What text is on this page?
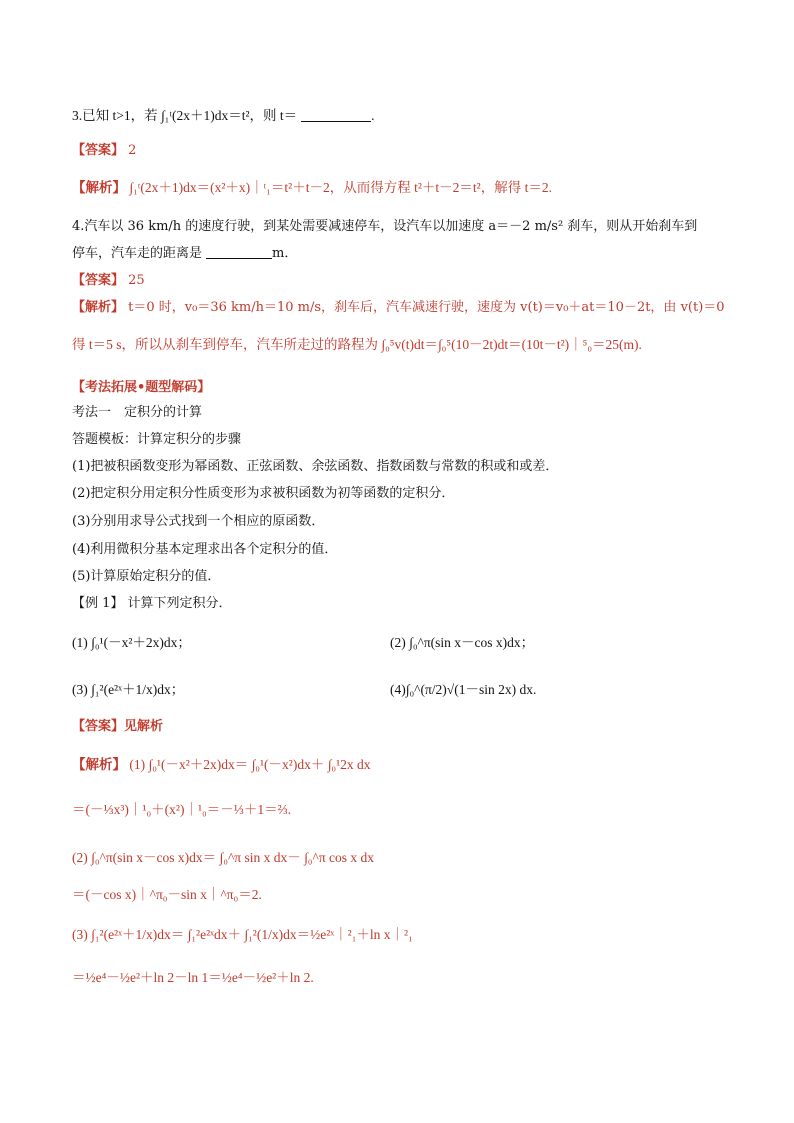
3.已知 t>1，若 ∫₁ᵗ(2x＋1)dx＝t²，则 t＝	.
【答案】 2
【解析】 ∫₁ᵗ(2x＋1)dx＝(x²＋x)｜ᵗ₁＝t²＋t－2，从而得方程 t²＋t－2＝t²，解得 t＝2.
4.汽车以 36 km/h 的速度行驶，到某处需要减速停车，设汽车以加速度 a＝－2 m/s² 刹车，则从开始刹车到
停车，汽车走的距离是	m．
【答案】 25
【解析】 t＝0 时，v₀＝36 km/h＝10 m/s，刹车后，汽车减速行驶，速度为 v(t)＝v₀＋at＝10－2t，由 v(t)＝0
得 t＝5 s，所以从刹车到停车，汽车所走过的路程为 ∫₀⁵v(t)dt＝∫₀⁵(10－2t)dt＝(10t－t²)｜⁵₀＝25(m).
【考法拓展•题型解码】
考法一　定积分的计算
答题模板：计算定积分的步骤
(1)把被积函数变形为幂函数、正弦函数、余弦函数、指数函数与常数的积或和或差．
(2)把定积分用定积分性质变形为求被积函数为初等函数的定积分．
(3)分别用求导公式找到一个相应的原函数．
(4)利用微积分基本定理求出各个定积分的值．
(5)计算原始定积分的值．
【例 1】 计算下列定积分．
(1) ∫₀¹(－x²＋2x)dx；	(2) ∫₀^π(sin x－cos x)dx；
(3) ∫₁²(e²ˣ＋1/x)dx；	(4)∫₀^(π/2)√(1－sin 2x) dx.
【答案】见解析
【解析】 (1) ∫₀¹(－x²＋2x)dx＝ ∫₀¹(－x²)dx＋ ∫₀¹2x dx
＝(－⅓x³)｜¹₀＋(x²)｜¹₀＝－⅓＋1＝⅔.
(2) ∫₀^π(sin x－cos x)dx＝ ∫₀^π sin x dx－ ∫₀^π cos x dx
＝(－cos x)｜^π₀－sin x｜^π₀＝2.
(3) ∫₁²(e²ˣ＋1/x)dx＝ ∫₁²e²ˣdx＋ ∫₁²(1/x)dx＝½e²ˣ｜²₁＋ln x｜²₁
＝½e⁴－½e²＋ln 2－ln 1＝½e⁴－½e²＋ln 2.
